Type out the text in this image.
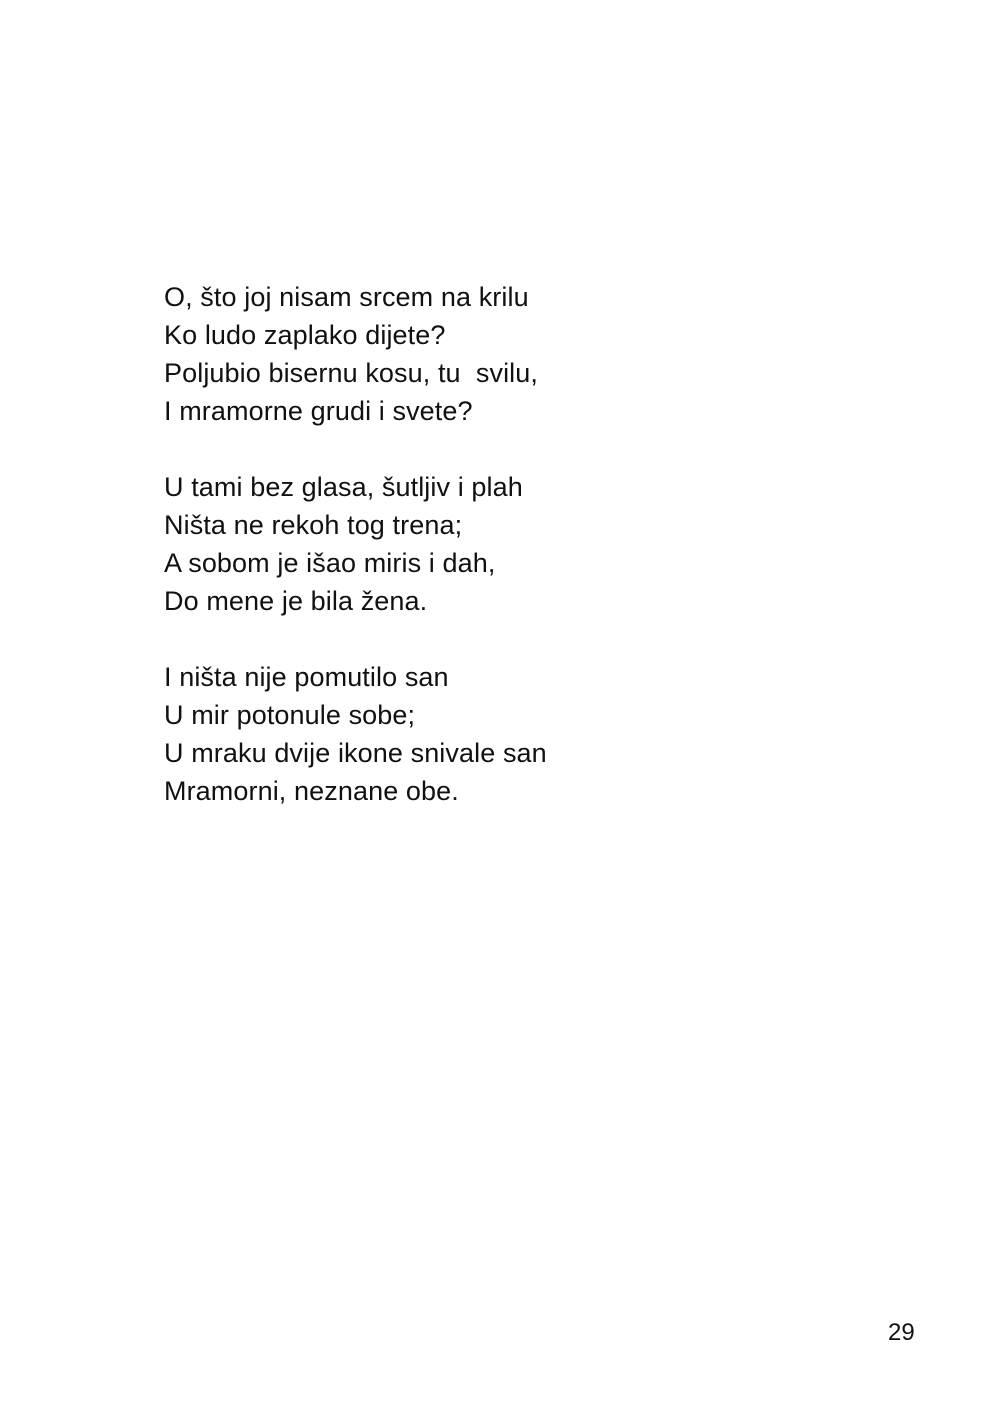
O, što joj nisam srcem na krilu
Ko ludo zaplako dijete?
Poljubio bisernu kosu, tu  svilu,
I mramorne grudi i svete?
U tami bez glasa, šutljiv i plah
Ništa ne rekoh tog trena;
A sobom je išao miris i dah,
Do mene je bila žena.
I ništa nije pomutilo san
U mir potonule sobe;
U mraku dvije ikone snivale san
Mramorni, neznane obe.
29
